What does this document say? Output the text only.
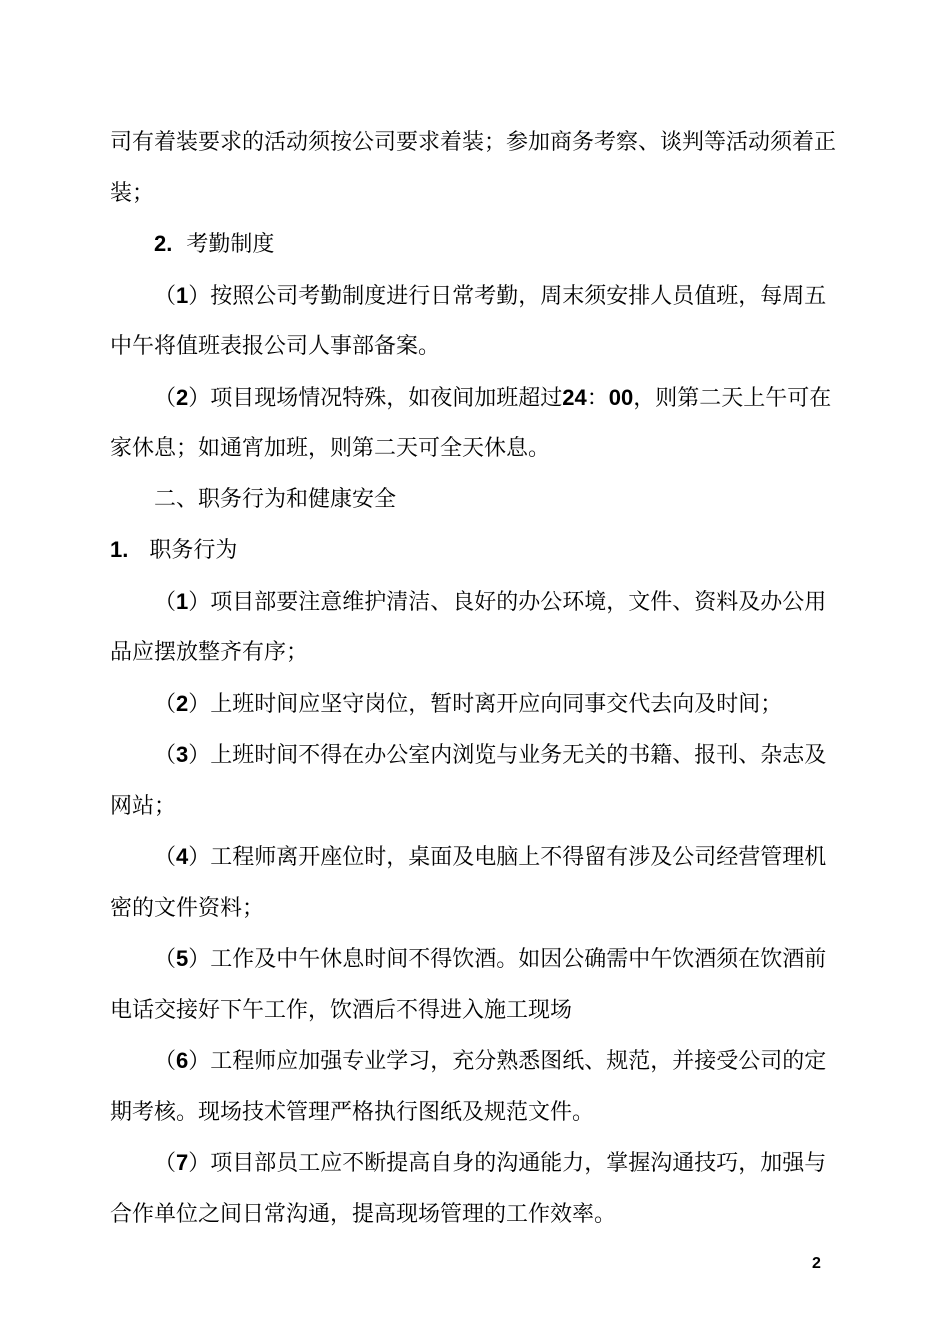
司有着装要求的活动须按公司要求着装；参加商务考察、谈判等活动须着正装；

2. 考勤制度

（1）按照公司考勤制度进行日常考勤，周末须安排人员值班，每周五中午将值班表报公司人事部备案。

（2）项目现场情况特殊，如夜间加班超过24：00，则第二天上午可在家休息；如通宵加班，则第二天可全天休息。

二、职务行为和健康安全

1. 职务行为

（1）项目部要注意维护清洁、良好的办公环境，文件、资料及办公用品应摆放整齐有序；

（2）上班时间应坚守岗位，暂时离开应向同事交代去向及时间；

（3）上班时间不得在办公室内浏览与业务无关的书籍、报刊、杂志及网站；

（4）工程师离开座位时，桌面及电脑上不得留有涉及公司经营管理机密的文件资料；

（5）工作及中午休息时间不得饮酒。如因公确需中午饮酒须在饮酒前电话交接好下午工作，饮酒后不得进入施工现场

（6）工程师应加强专业学习，充分熟悉图纸、规范，并接受公司的定期考核。现场技术管理严格执行图纸及规范文件。

（7）项目部员工应不断提高自身的沟通能力，掌握沟通技巧，加强与合作单位之间日常沟通，提高现场管理的工作效率。

2
